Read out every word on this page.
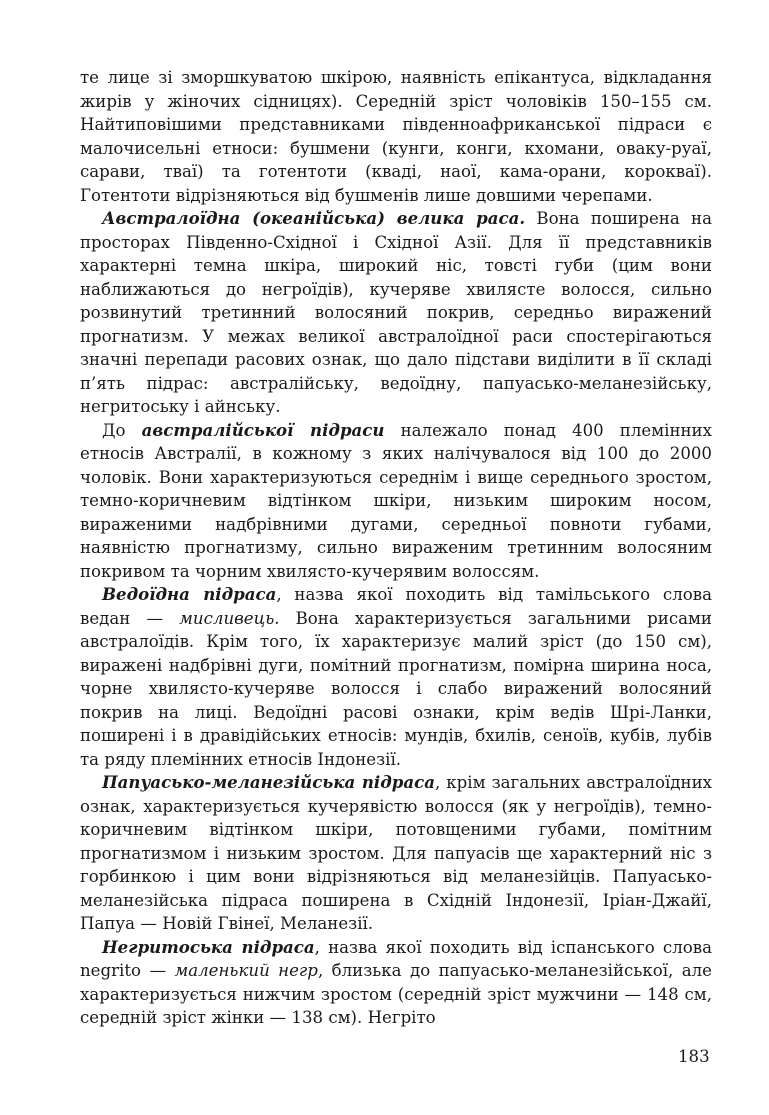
те лице зі зморшкуватою шкірою, наявність епікантуса, відкладання жирів у жіночих сідницях). Середній зріст чоловіків 150–155 см. Найтиповішими представниками південноафриканської підраси є малочисельні етноси: бушмени (кунги, конги, кхомани, оваку-руаї, сарави, тваї) та готентоти (кваді, наої, кама-орани, корокваї). Готентоти відрізняються від бушменів лише довшими черепами.

Австралоїдна (океанійська) велика раса. Вона поширена на просторах Південно-Східної і Східної Азії. Для її представників характерні темна шкіра, широкий ніс, товсті губи (цим вони наближаються до негроїдів), кучеряве хвилясте волосся, сильно розвинутий третинний волосяний покрив, середньо виражений прогнатизм. У межах великої австралоїдної раси спостерігаються значні перепади расових ознак, що дало підстави виділити в її складі п’ять підрас: австралійську, ведоїдну, папуасько-меланезійську, негритоську і айнську.

До австралійської підраси належало понад 400 племінних етносів Австралії, в кожному з яких налічувалося від 100 до 2000 чоловік. Вони характеризуються середнім і вище середнього зростом, темно-коричневим відтінком шкіри, низьким широким носом, вираженими надбрівними дугами, середньої повноти губами, наявністю прогнатизму, сильно вираженим третинним волосяним покривом та чорним хвилясто-кучерявим волоссям.

Ведоїдна підраса, назва якої походить від тамільського слова ведан — мисливець. Вона характеризується загальними рисами австралоїдів. Крім того, їх характеризує малий зріст (до 150 см), виражені надбрівні дуги, помітний прогнатизм, помірна ширина носа, чорне хвилясто-кучеряве волосся і слабо виражений волосяний покрив на лиці. Ведоїдні расові ознаки, крім ведів Шрі-Ланки, поширені і в дравідійських етносів: мундів, бхилів, сеноїв, кубів, лубів та ряду племінних етносів Індонезії.

Папуасько-меланезійська підраса, крім загальних австралоїдних ознак, характеризується кучерявістю волосся (як у негроїдів), темно-коричневим відтінком шкіри, потовщеними губами, помітним прогнатизмом і низьким зростом. Для папуасів ще характерний ніс з горбинкою і цим вони відрізняються від меланезійців. Папуасько-меланезійська підраса поширена в Східній Індонезії, Іріан-Джайї, Папуа — Новій Гвінеї, Меланезії.

Негритоська підраса, назва якої походить від іспанського слова negrito — маленький негр, близька до папуасько-меланезійської, але характеризується нижчим зростом (середній зріст мужчини — 148 см, середній зріст жінки — 138 см). Негріто

183
